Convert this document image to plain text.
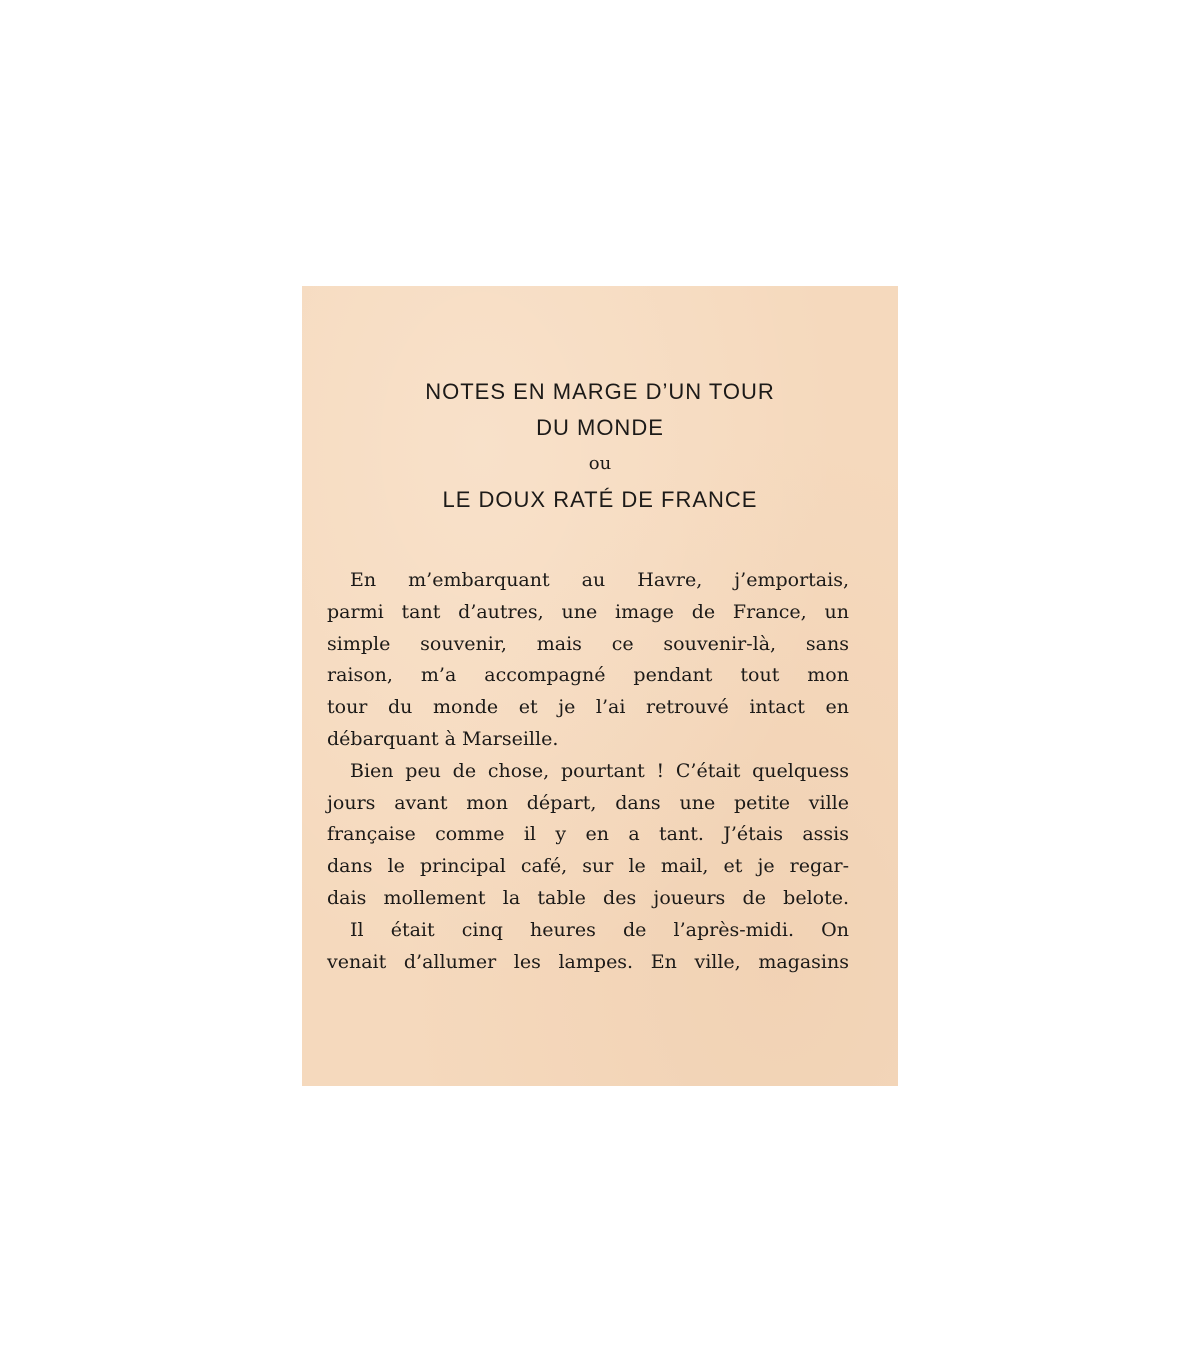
NOTES EN MARGE D’UN TOUR
DU MONDE
ou
LE DOUX RATÉ DE FRANCE
En m’embarquant au Havre, j’emportais,
parmi tant d’autres, une image de France, un
simple souvenir, mais ce souvenir-là, sans
raison, m’a accompagné pendant tout mon
tour du monde et je l’ai retrouvé intact en
débarquant à Marseille.
Bien peu de chose, pourtant ! C’était quelquess
jours avant mon départ, dans une petite ville
française comme il y en a tant. J’étais assis
dans le principal café, sur le mail, et je regar-
dais mollement la table des joueurs de belote.
Il était cinq heures de l’après-midi. On
venait d’allumer les lampes. En ville, magasins
